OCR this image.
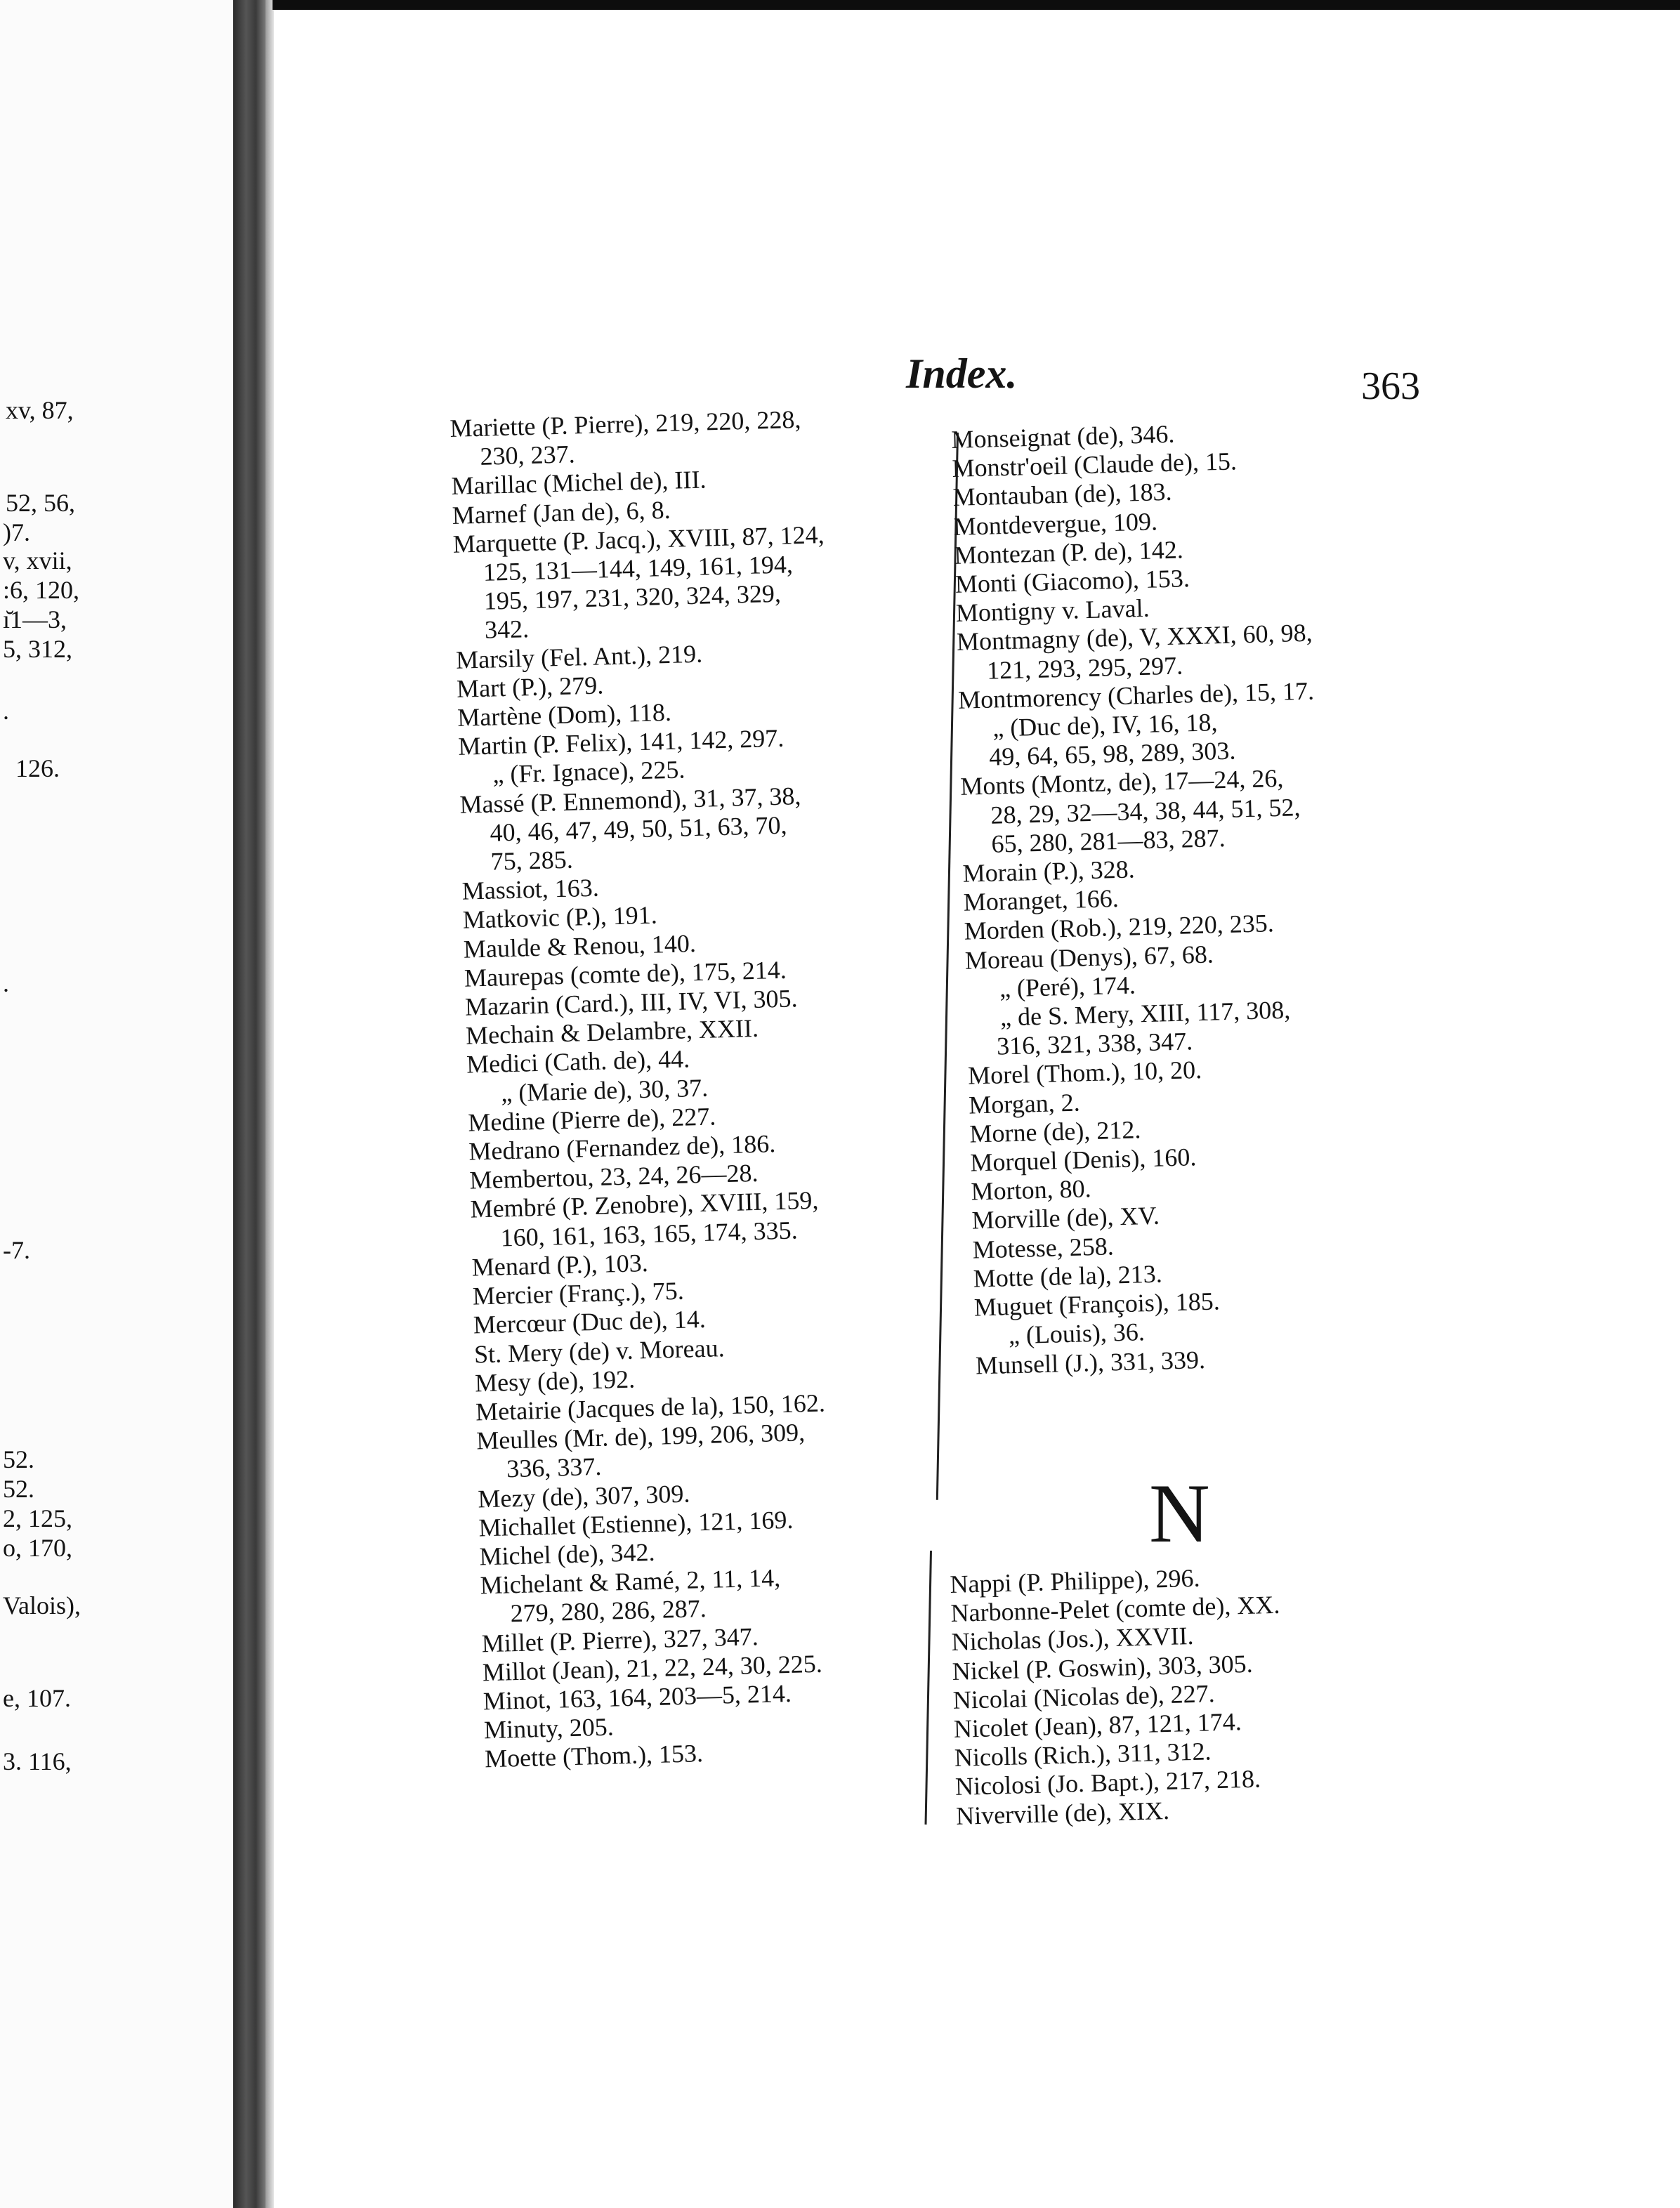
xv, 87,
52, 56,
)7.
v, xvii,
:6, 120,
ı̆1—3,
5, 312,
.
126.
.
-7.
52.
52.
2, 125,
o, 170,
Valois),
e, 107.
3. 116,
Index.	363
Mariette (P. Pierre), 219, 220, 228,
230, 237.
Marillac (Michel de), III.
Marnef (Jan de), 6, 8.
Marquette (P. Jacq.), XVIII, 87, 124,
125, 131—144, 149, 161, 194,
195, 197, 231, 320, 324, 329,
342.
Marsily (Fel. Ant.), 219.
Mart (P.), 279.
Martène (Dom), 118.
Martin (P. Felix), 141, 142, 297.
„ (Fr. Ignace), 225.
Massé (P. Ennemond), 31, 37, 38,
40, 46, 47, 49, 50, 51, 63, 70,
75, 285.
Massiot, 163.
Matkovic (P.), 191.
Maulde & Renou, 140.
Maurepas (comte de), 175, 214.
Mazarin (Card.), III, IV, VI, 305.
Mechain & Delambre, XXII.
Medici (Cath. de), 44.
„ (Marie de), 30, 37.
Medine (Pierre de), 227.
Medrano (Fernandez de), 186.
Membertou, 23, 24, 26—28.
Membré (P. Zenobre), XVIII, 159,
160, 161, 163, 165, 174, 335.
Menard (P.), 103.
Mercier (Franç.), 75.
Mercœur (Duc de), 14.
St. Mery (de) v. Moreau.
Mesy (de), 192.
Metairie (Jacques de la), 150, 162.
Meulles (Mr. de), 199, 206, 309,
336, 337.
Mezy (de), 307, 309.
Michallet (Estienne), 121, 169.
Michel (de), 342.
Michelant & Ramé, 2, 11, 14,
279, 280, 286, 287.
Millet (P. Pierre), 327, 347.
Millot (Jean), 21, 22, 24, 30, 225.
Minot, 163, 164, 203—5, 214.
Minuty, 205.
Moette (Thom.), 153.
Monseignat (de), 346.
Monstr'oeil (Claude de), 15.
Montauban (de), 183.
Montdevergue, 109.
Montezan (P. de), 142.
Monti (Giacomo), 153.
Montigny v. Laval.
Montmagny (de), V, XXXI, 60, 98,
121, 293, 295, 297.
Montmorency (Charles de), 15, 17.
„ (Duc de), IV, 16, 18,
49, 64, 65, 98, 289, 303.
Monts (Montz, de), 17—24, 26,
28, 29, 32—34, 38, 44, 51, 52,
65, 280, 281—83, 287.
Morain (P.), 328.
Moranget, 166.
Morden (Rob.), 219, 220, 235.
Moreau (Denys), 67, 68.
„ (Peré), 174.
„ de S. Mery, XIII, 117, 308,
316, 321, 338, 347.
Morel (Thom.), 10, 20.
Morgan, 2.
Morne (de), 212.
Morquel (Denis), 160.
Morton, 80.
Morville (de), XV.
Motesse, 258.
Motte (de la), 213.
Muguet (François), 185.
„ (Louis), 36.
Munsell (J.), 331, 339.
N
Nappi (P. Philippe), 296.
Narbonne-Pelet (comte de), XX.
Nicholas (Jos.), XXVII.
Nickel (P. Goswin), 303, 305.
Nicolai (Nicolas de), 227.
Nicolet (Jean), 87, 121, 174.
Nicolls (Rich.), 311, 312.
Nicolosi (Jo. Bapt.), 217, 218.
Niverville (de), XIX.
